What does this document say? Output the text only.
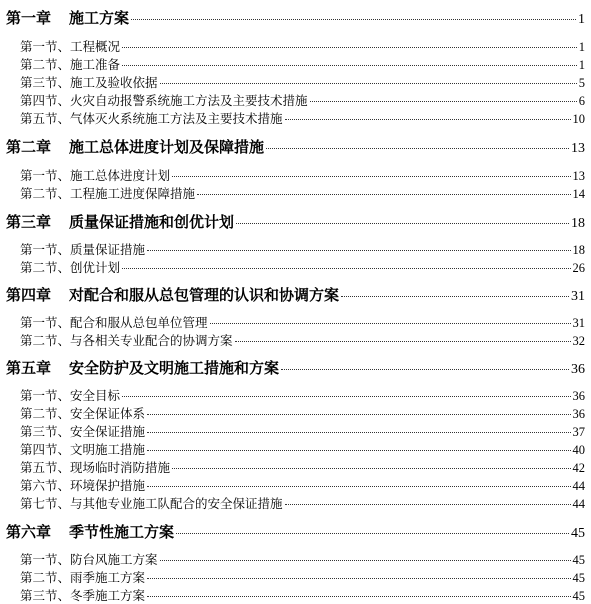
第一章 施工方案	1
第一节、工程概况	1
第二节、施工准备	1
第三节、施工及验收依据	5
第四节、火灾自动报警系统施工方法及主要技术措施	6
第五节、气体灭火系统施工方法及主要技术措施	10
第二章 施工总体进度计划及保障措施	13
第一节、施工总体进度计划	13
第二节、工程施工进度保障措施	14
第三章 质量保证措施和创优计划	18
第一节、质量保证措施	18
第二节、创优计划	26
第四章 对配合和服从总包管理的认识和协调方案	31
第一节、配合和服从总包单位管理	31
第二节、与各相关专业配合的协调方案	32
第五章 安全防护及文明施工措施和方案	36
第一节、安全目标	36
第二节、安全保证体系	36
第三节、安全保证措施	37
第四节、文明施工措施	40
第五节、现场临时消防措施	42
第六节、环境保护措施	44
第七节、与其他专业施工队配合的安全保证措施	44
第六章 季节性施工方案	45
第一节、防台风施工方案	45
第二节、雨季施工方案	45
第三节、冬季施工方案	45
